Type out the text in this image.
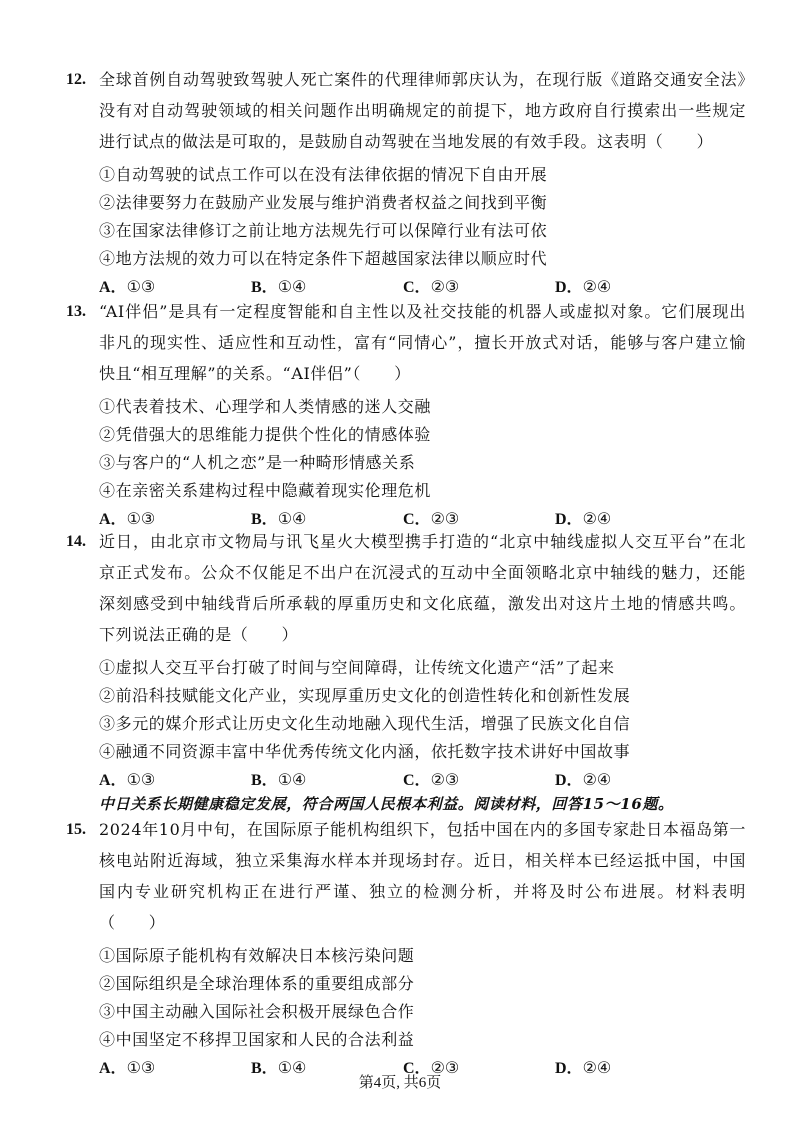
12. 全球首例自动驾驶致驾驶人死亡案件的代理律师郭庆认为，在现行版《道路交通安全法》没有对自动驾驶领域的相关问题作出明确规定的前提下，地方政府自行摸索出一些规定进行试点的做法是可取的，是鼓励自动驾驶在当地发展的有效手段。这表明（　　）
①自动驾驶的试点工作可以在没有法律依据的情况下自由开展
②法律要努力在鼓励产业发展与维护消费者权益之间找到平衡
③在国家法律修订之前让地方法规先行可以保障行业有法可依
④地方法规的效力可以在特定条件下超越国家法律以顺应时代
A．①③	B．①④	C．②③	D．②④
13. “AI伴侣”是具有一定程度智能和自主性以及社交技能的机器人或虚拟对象。它们展现出非凡的现实性、适应性和互动性，富有“同情心”，擅长开放式对话，能够与客户建立愉快且“相互理解”的关系。“AI伴侣”（　　）
①代表着技术、心理学和人类情感的迷人交融
②凭借强大的思维能力提供个性化的情感体验
③与客户的“人机之恋”是一种畸形情感关系
④在亲密关系建构过程中隐藏着现实伦理危机
A．①③	B．①④	C．②③	D．②④
14. 近日，由北京市文物局与讯飞星火大模型携手打造的“北京中轴线虚拟人交互平台”在北京正式发布。公众不仅能足不出户在沉浸式的互动中全面领略北京中轴线的魅力，还能深刻感受到中轴线背后所承载的厚重历史和文化底蕴，激发出对这片土地的情感共鸣。下列说法正确的是（　　）
①虚拟人交互平台打破了时间与空间障碍，让传统文化遗产“活”了起来
②前沿科技赋能文化产业，实现厚重历史文化的创造性转化和创新性发展
③多元的媒介形式让历史文化生动地融入现代生活，增强了民族文化自信
④融通不同资源丰富中华优秀传统文化内涵，依托数字技术讲好中国故事
A．①③	B．①④	C．②③	D．②④
中日关系长期健康稳定发展，符合两国人民根本利益。阅读材料，回答15～16题。
15. 2024年10月中旬，在国际原子能机构组织下，包括中国在内的多国专家赴日本福岛第一核电站附近海域，独立采集海水样本并现场封存。近日，相关样本已经运抵中国，中国国内专业研究机构正在进行严谨、独立的检测分析，并将及时公布进展。材料表明（　　）
①国际原子能机构有效解决日本核污染问题
②国际组织是全球治理体系的重要组成部分
③中国主动融入国际社会积极开展绿色合作
④中国坚定不移捍卫国家和人民的合法利益
A．①③	B．①④	C．②③	D．②④
第4页, 共6页
